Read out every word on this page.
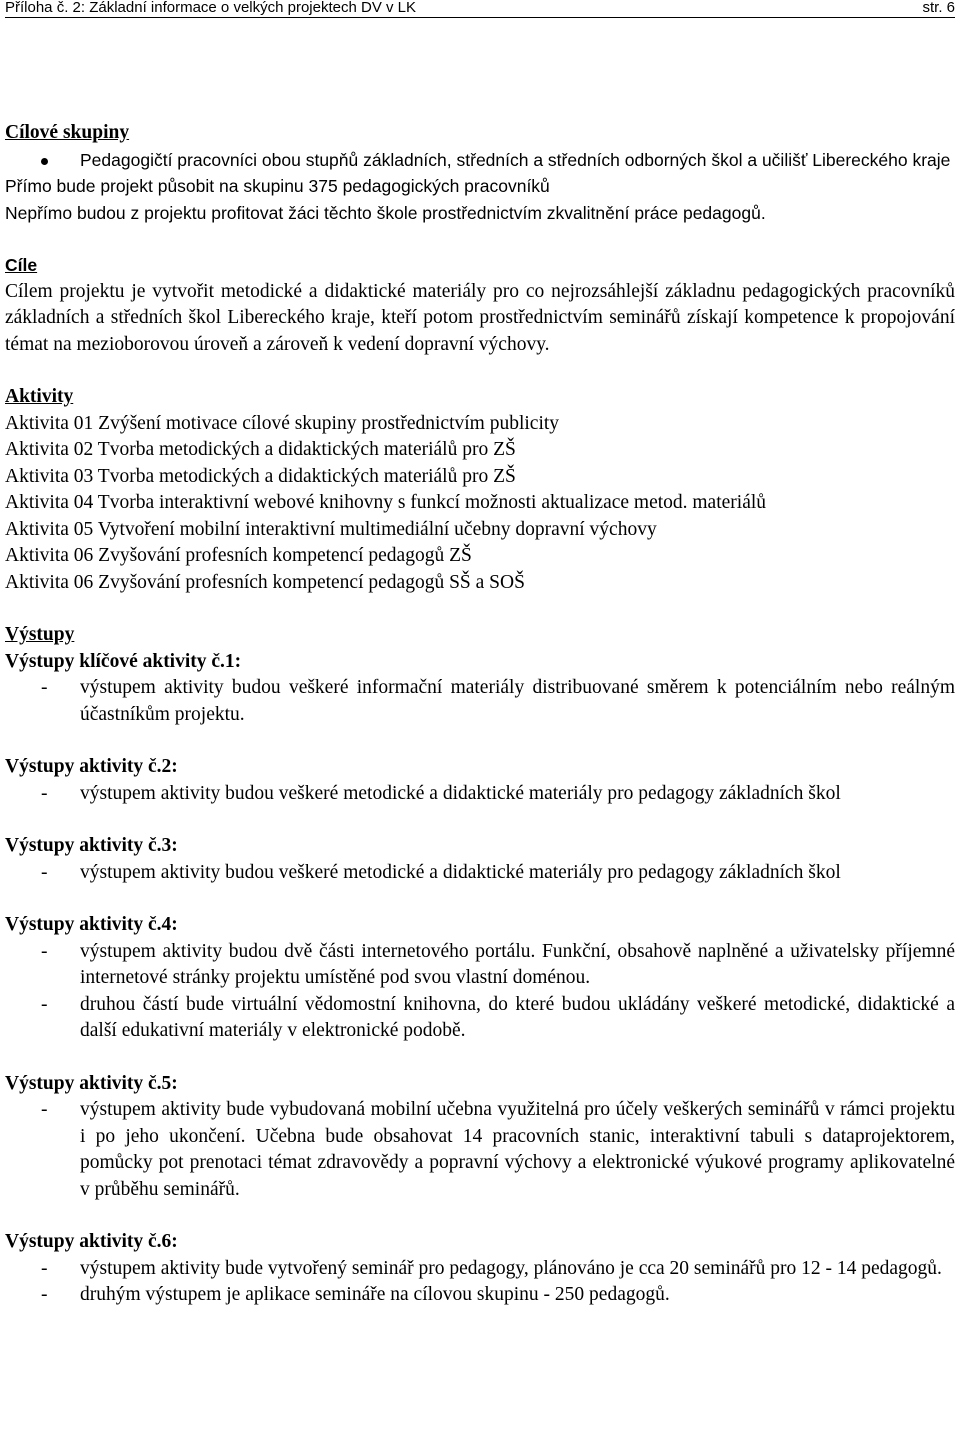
Příloha č. 2: Základní informace o velkých projektech DV v LK	str. 6

Cílové skupiny

Pedagogičtí pracovníci obou stupňů základních, středních a středních odborných škol a učilišť Libereckého kraje

Přímo bude projekt působit na skupinu 375 pedagogických pracovníků

Nepřímo budou z projektu profitovat žáci těchto škole prostřednictvím zkvalitnění práce pedagogů.

Cíle

Cílem projektu je vytvořit metodické a didaktické materiály pro co nejrozsáhlejší základnu pedagogických pracovníků základních a středních škol Libereckého kraje, kteří potom prostřednictvím seminářů získají kompetence k propojování témat na mezioborovou úroveň a zároveň k vedení dopravní výchovy.

Aktivity

Aktivita 01 Zvýšení motivace cílové skupiny prostřednictvím publicity

Aktivita 02 Tvorba metodických a didaktických materiálů pro ZŠ

Aktivita 03 Tvorba metodických a didaktických materiálů pro ZŠ

Aktivita 04 Tvorba interaktivní webové knihovny s funkcí možnosti aktualizace metod. materiálů

Aktivita 05 Vytvoření mobilní interaktivní multimediální učebny dopravní výchovy

Aktivita 06 Zvyšování profesních kompetencí pedagogů ZŠ

Aktivita 06 Zvyšování profesních kompetencí pedagogů SŠ a SOŠ

Výstupy

Výstupy klíčové aktivity č.1:

- výstupem aktivity budou veškeré informační materiály distribuované směrem k potenciálním nebo reálným účastníkům projektu.

Výstupy aktivity č.2:

- výstupem aktivity budou veškeré metodické a didaktické materiály pro pedagogy základních škol

Výstupy aktivity č.3:

- výstupem aktivity budou veškeré metodické a didaktické materiály pro pedagogy základních škol

Výstupy aktivity č.4:

- výstupem aktivity budou dvě části internetového portálu. Funkční, obsahově naplněné a uživatelsky příjemné internetové stránky projektu umístěné pod svou vlastní doménou.
- druhou částí bude virtuální vědomostní knihovna, do které budou ukládány veškeré metodické, didaktické a další edukativní materiály v elektronické podobě.

Výstupy aktivity č.5:

- výstupem aktivity bude vybudovaná mobilní učebna využitelná pro účely veškerých seminářů v rámci projektu i po jeho ukončení. Učebna bude obsahovat 14 pracovních stanic, interaktivní tabuli s dataprojektorem, pomůcky pot prenotaci témat zdravovědy a popravní výchovy a elektronické výukové programy aplikovatelné v průběhu seminářů.

Výstupy aktivity č.6:

- výstupem aktivity bude vytvořený seminář pro pedagogy, plánováno je cca 20 seminářů pro 12 - 14 pedagogů.
- druhým výstupem je aplikace semináře na cílovou skupinu - 250 pedagogů.
